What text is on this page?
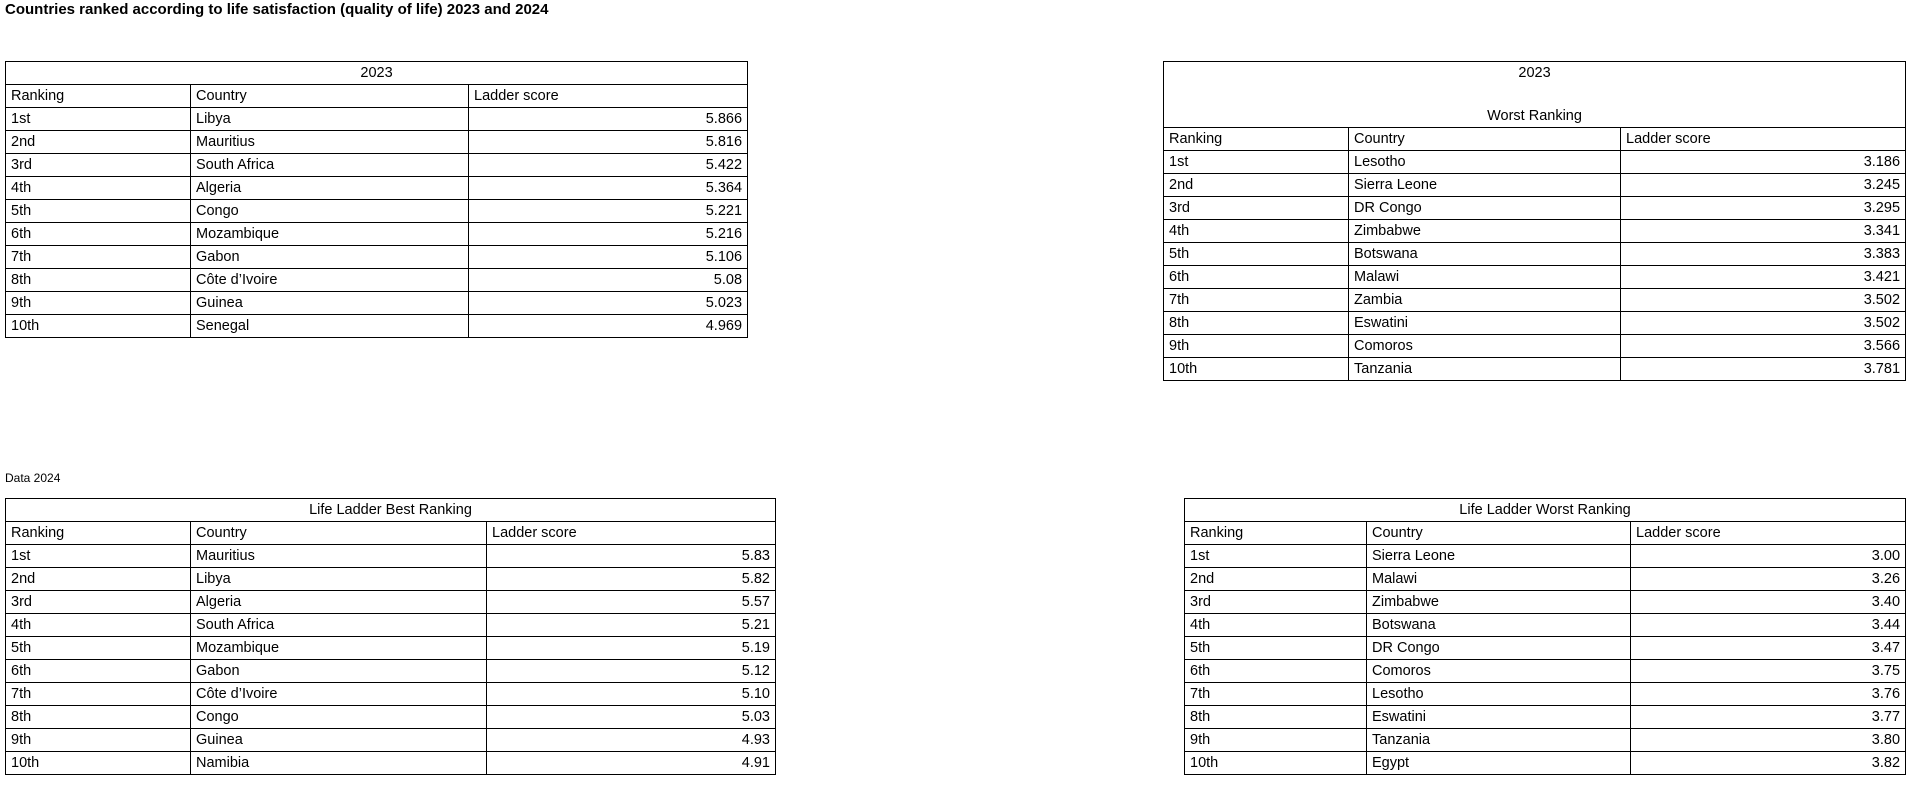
Countries ranked according to life satisfaction (quality of life) 2023 and 2024
2023		

Ranking	Country	Ladder score
1st	Libya	5.866
2nd	Mauritius	5.816
3rd	South Africa	5.422
4th	Algeria	5.364
5th	Congo	5.221
6th	Mozambique	5.216
7th	Gabon	5.106
8th	Côte d’Ivoire	5.08
9th	Guinea	5.023
10th	Senegal	4.969
2023
Worst Ranking		

Ranking	Country	Ladder score
1st	Lesotho	3.186
2nd	Sierra Leone	3.245
3rd	DR Congo	3.295
4th	Zimbabwe	3.341
5th	Botswana	3.383
6th	Malawi	3.421
7th	Zambia	3.502
8th	Eswatini	3.502
9th	Comoros	3.566
10th	Tanzania	3.781
Data 2024
Life Ladder Best Ranking		
Ranking	Country	Ladder score
1st	Mauritius	5.83
2nd	Libya	5.82
3rd	Algeria	5.57
4th	South Africa	5.21
5th	Mozambique	5.19
6th	Gabon	5.12
7th	Côte d’Ivoire	5.10
8th	Congo	5.03
9th	Guinea	4.93
10th	Namibia	4.91
Life Ladder Worst Ranking		
Ranking	Country	Ladder score
1st	Sierra Leone	3.00
2nd	Malawi	3.26
3rd	Zimbabwe	3.40
4th	Botswana	3.44
5th	DR Congo	3.47
6th	Comoros	3.75
7th	Lesotho	3.76
8th	Eswatini	3.77
9th	Tanzania	3.80
10th	Egypt	3.82
